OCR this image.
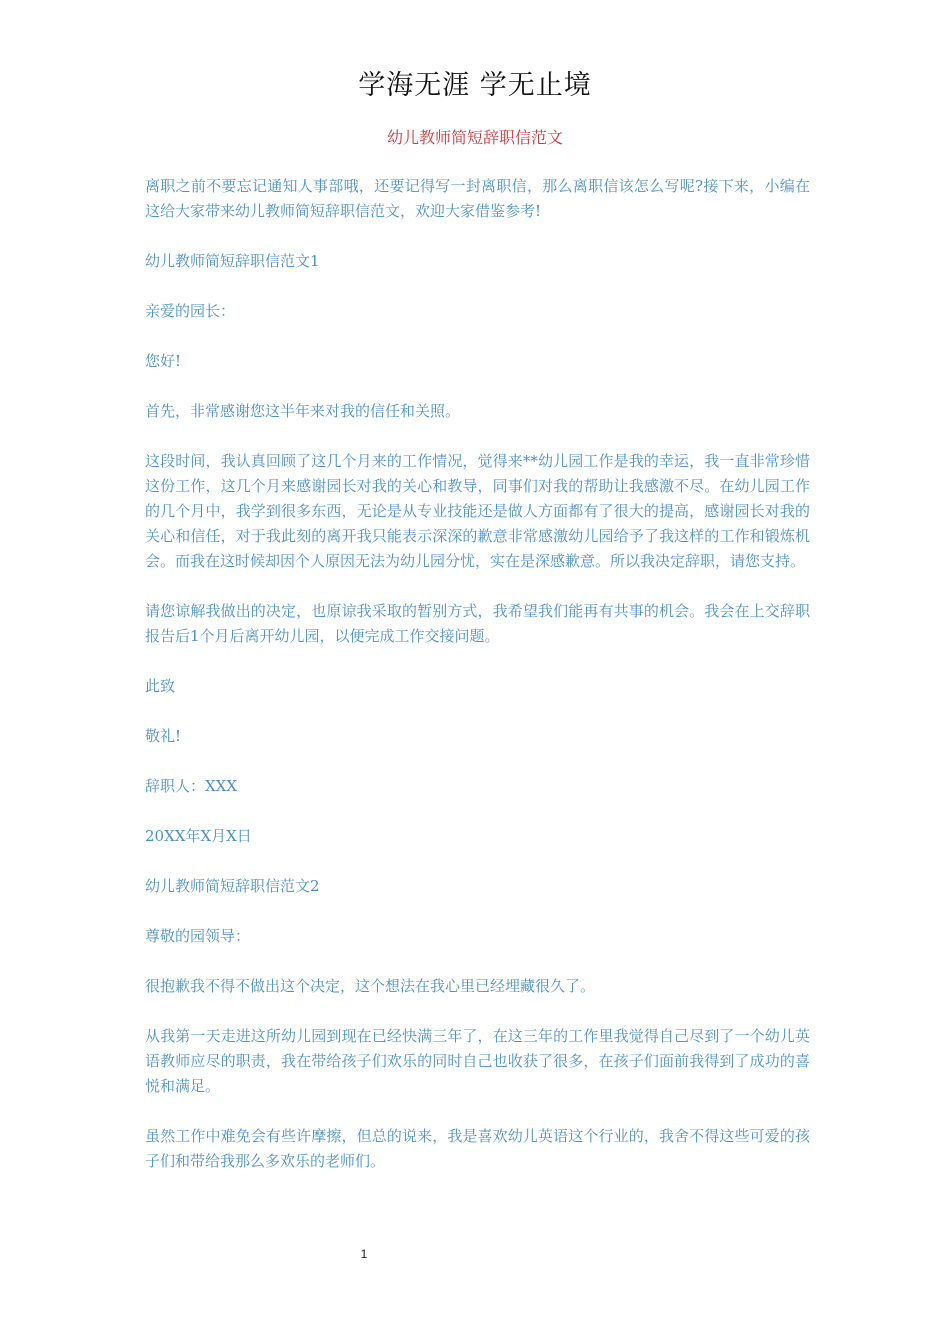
学海无涯 学无止境
幼儿教师简短辞职信范文

离职之前不要忘记通知人事部哦，还要记得写一封离职信，那么离职信该怎么写呢?接下来，小编在这给大家带来幼儿教师简短辞职信范文，欢迎大家借鉴参考!

幼儿教师简短辞职信范文1

亲爱的园长：

您好!

首先，非常感谢您这半年来对我的信任和关照。

这段时间，我认真回顾了这几个月来的工作情况，觉得来**幼儿园工作是我的幸运，我一直非常珍惜这份工作，这几个月来感谢园长对我的关心和教导，同事们对我的帮助让我感激不尽。在幼儿园工作的几个月中，我学到很多东西，无论是从专业技能还是做人方面都有了很大的提高，感谢园长对我的关心和信任，对于我此刻的离开我只能表示深深的歉意非常感激幼儿园给予了我这样的工作和锻炼机会。而我在这时候却因个人原因无法为幼儿园分忧，实在是深感歉意。所以我决定辞职，请您支持。

请您谅解我做出的决定，也原谅我采取的暂别方式，我希望我们能再有共事的机会。我会在上交辞职报告后1个月后离开幼儿园，以便完成工作交接问题。

此致

敬礼!

辞职人：XXX

20XX年X月X日

幼儿教师简短辞职信范文2

尊敬的园领导：

很抱歉我不得不做出这个决定，这个想法在我心里已经埋藏很久了。

从我第一天走进这所幼儿园到现在已经快满三年了，在这三年的工作里我觉得自己尽到了一个幼儿英语教师应尽的职责，我在带给孩子们欢乐的同时自己也收获了很多，在孩子们面前我得到了成功的喜悦和满足。

虽然工作中难免会有些许摩擦，但总的说来，我是喜欢幼儿英语这个行业的，我舍不得这些可爱的孩子们和带给我那么多欢乐的老师们。

1
